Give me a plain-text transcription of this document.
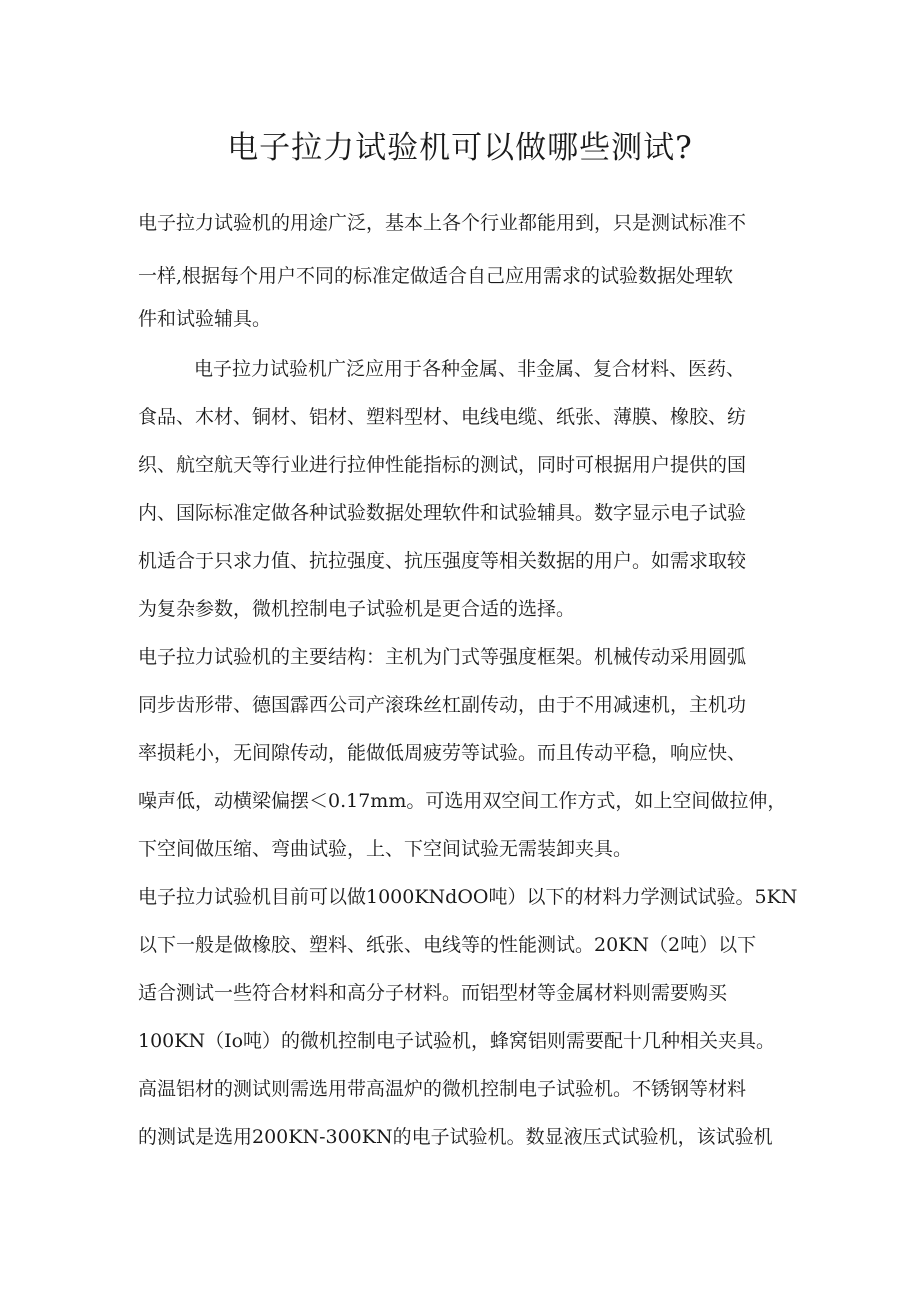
电子拉力试验机可以做哪些测试?

电子拉力试验机的用途广泛，基本上各个行业都能用到，只是测试标准不

一样,根据每个用户不同的标准定做适合自己应用需求的试验数据处理软

件和试验辅具。

电子拉力试验机广泛应用于各种金属、非金属、复合材料、医药、

食品、木材、铜材、铝材、塑料型材、电线电缆、纸张、薄膜、橡胶、纺

织、航空航天等行业进行拉伸性能指标的测试，同时可根据用户提供的国

内、国际标准定做各种试验数据处理软件和试验辅具。数字显示电子试验

机适合于只求力值、抗拉强度、抗压强度等相关数据的用户。如需求取较

为复杂参数，微机控制电子试验机是更合适的选择。

电子拉力试验机的主要结构：主机为门式等强度框架。机械传动采用圆弧

同步齿形带、德国霹西公司产滚珠丝杠副传动，由于不用减速机，主机功

率损耗小，无间隙传动，能做低周疲劳等试验。而且传动平稳，响应快、

噪声低，动横梁偏摆＜0.17mm。可选用双空间工作方式，如上空间做拉伸，

下空间做压缩、弯曲试验，上、下空间试验无需装卸夹具。

电子拉力试验机目前可以做1000KNdOO吨）以下的材料力学测试试验。5KN

以下一般是做橡胶、塑料、纸张、电线等的性能测试。20KN（2吨）以下

适合测试一些符合材料和高分子材料。而铝型材等金属材料则需要购买

100KN（Io吨）的微机控制电子试验机，蜂窝铝则需要配十几种相关夹具。

高温铝材的测试则需选用带高温炉的微机控制电子试验机。不锈钢等材料

的测试是选用200KN-300KN的电子试验机。数显液压式试验机，该试验机
